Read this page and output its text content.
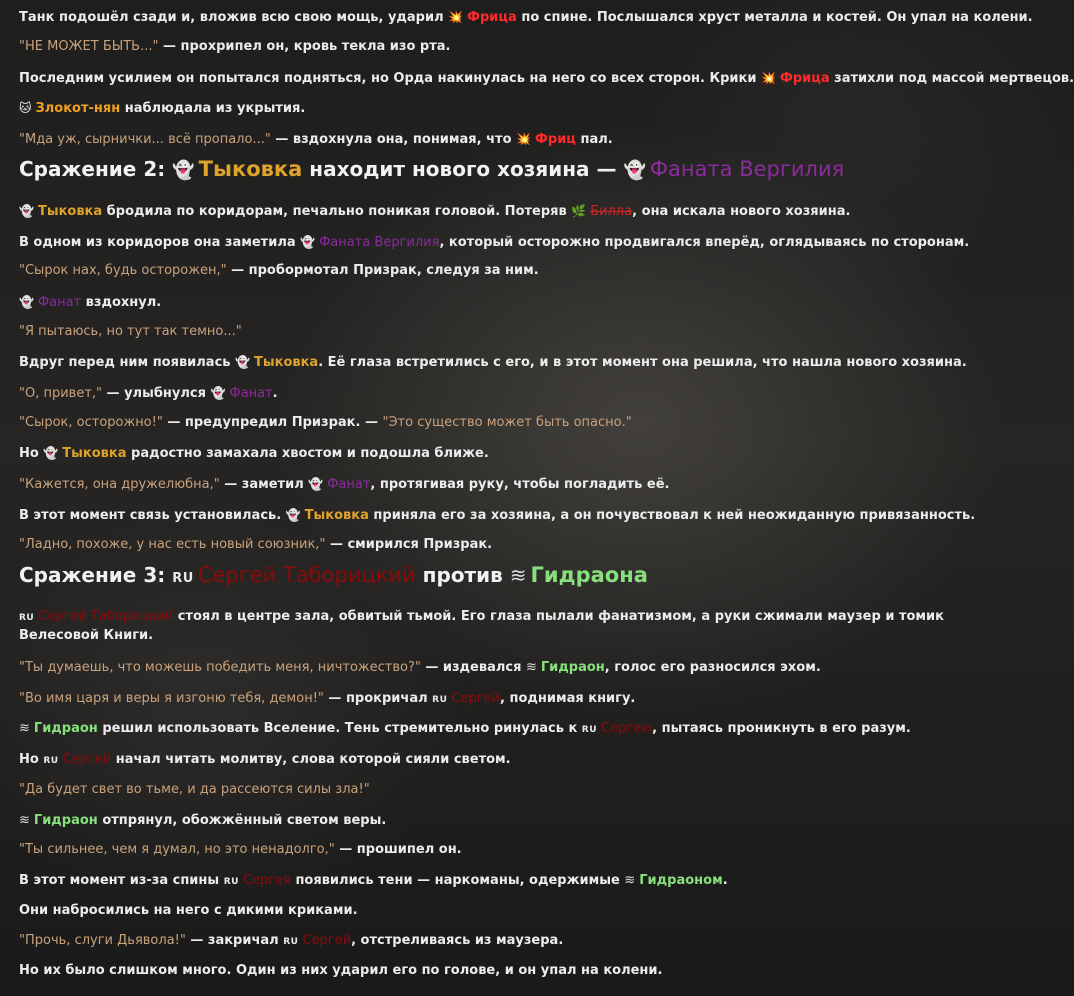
Танк подошёл сзади и, вложив всю свою мощь, ударил 💥 Фрица по спине. Послышался хруст металла и костей. Он упал на колени.
"НЕ МОЖЕТ БЫТЬ..." — прохрипел он, кровь текла изо рта.
Последним усилием он попытался подняться, но Орда накинулась на него со всех сторон. Крики 💥 Фрица затихли под массой мертвецов.
🐱 Злокот-нян наблюдала из укрытия.
"Мда уж, сырнички... всё пропало..." — вздохнула она, понимая, что 💥 Фриц пал.
Сражение 2: 👻 Тыковка находит нового хозяина — 👻 Фаната Вергилия
👻 Тыковка бродила по коридорам, печально поникая головой. Потеряв 🌿 Билла, она искала нового хозяина.
В одном из коридоров она заметила 👻 Фаната Вергилия, который осторожно продвигался вперёд, оглядываясь по сторонам.
"Сырок нах, будь осторожен," — пробормотал Призрак, следуя за ним.
👻 Фанат вздохнул.
"Я пытаюсь, но тут так темно..."
Вдруг перед ним появилась 👻 Тыковка. Её глаза встретились с его, и в этот момент она решила, что нашла нового хозяина.
"О, привет," — улыбнулся 👻 Фанат.
"Сырок, осторожно!" — предупредил Призрак. — "Это существо может быть опасно."
Но 👻 Тыковка радостно замахала хвостом и подошла ближе.
"Кажется, она дружелюбна," — заметил 👻 Фанат, протягивая руку, чтобы погладить её.
В этот момент связь установилась. 👻 Тыковка приняла его за хозяина, а он почувствовал к ней неожиданную привязанность.
"Ладно, похоже, у нас есть новый союзник," — смирился Призрак.
Сражение 3: RU Сергей Таборицкий против ≋ Гидраона
RU Сергей Таборицкий стоял в центре зала, обвитый тьмой. Его глаза пылали фанатизмом, а руки сжимали маузер и томик Велесовой Книги.
"Ты думаешь, что можешь победить меня, ничтожество?" — издевался ≋ Гидраон, голос его разносился эхом.
"Во имя царя и веры я изгоню тебя, демон!" — прокричал RU Сергей, поднимая книгу.
≋ Гидраон решил использовать Вселение. Тень стремительно ринулась к RU Сергею, пытаясь проникнуть в его разум.
Но RU Сергей начал читать молитву, слова которой сияли светом.
"Да будет свет во тьме, и да рассеются силы зла!"
≋ Гидраон отпрянул, обожжённый светом веры.
"Ты сильнее, чем я думал, но это ненадолго," — прошипел он.
В этот момент из-за спины RU Сергея появились тени — наркоманы, одержимые ≋ Гидраоном.
Они набросились на него с дикими криками.
"Прочь, слуги Дьявола!" — закричал RU Сергей, отстреливаясь из маузера.
Но их было слишком много. Один из них ударил его по голове, и он упал на колени.
